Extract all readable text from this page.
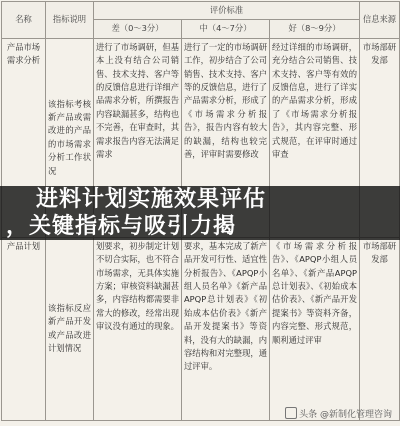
名称	指标说明	评价标准			信息来源
		差（0～3分）	中（4～7分）	好（8～9分）	
产品市场需求分析	该指标考核新产品或需改进的产品的市场需求分析工作状况	进行了市场调研，但基本上没有结合公司销售、技术支持、客户等的反馈信息进行详细产品需求分析，所撰报告内容缺漏甚多，结构也不完善，在审查时，其需求报告内容无法满足需求	进行了一定的市场调研工作，初步结合了公司销售、技术支持、客户等的反馈信息，进行了产品需求分析，形成了《市场需求分析报告》，报告内容有较大的缺漏，结构也较完善，评审时需要修改	经过详细的市场调研，充分结合公司销售、技术支持、客户等有效的反馈信息，进行了详实的产品需求分析，形成了《市场需求分析报告》，其内容完整、形式规范，在评审时通过审查	市场部研发部
产品计划	该指标反应新产品开发或产品改进计划情况	划要求，初步制定计划不切合实际，也不符合市场需求，无具体实施方案；审核资料缺漏甚多，内容结构都需要非常大的修改，经常出现审议没有通过的现象。	要求，基本完成了新产品开发可行性、适宜性分析报告》、《APQP小组人员名单》《新产品APQP总计划表》《初始成本估价表》《新产品开发提案书》等资料，没有大的缺漏，内容结构和对完整现，通过评审。	《市场需求分析报告》、《APQP小组人员名单》、《新产品APQP总计划表》、《初始成本估价表》、《新产品开发提案书》等资料齐备，内容完整、形式规范，顺利通过评审	市场部研发部
进料计划实施效果评估
，关键指标与吸引力揭
头条 @新制化管理咨询
